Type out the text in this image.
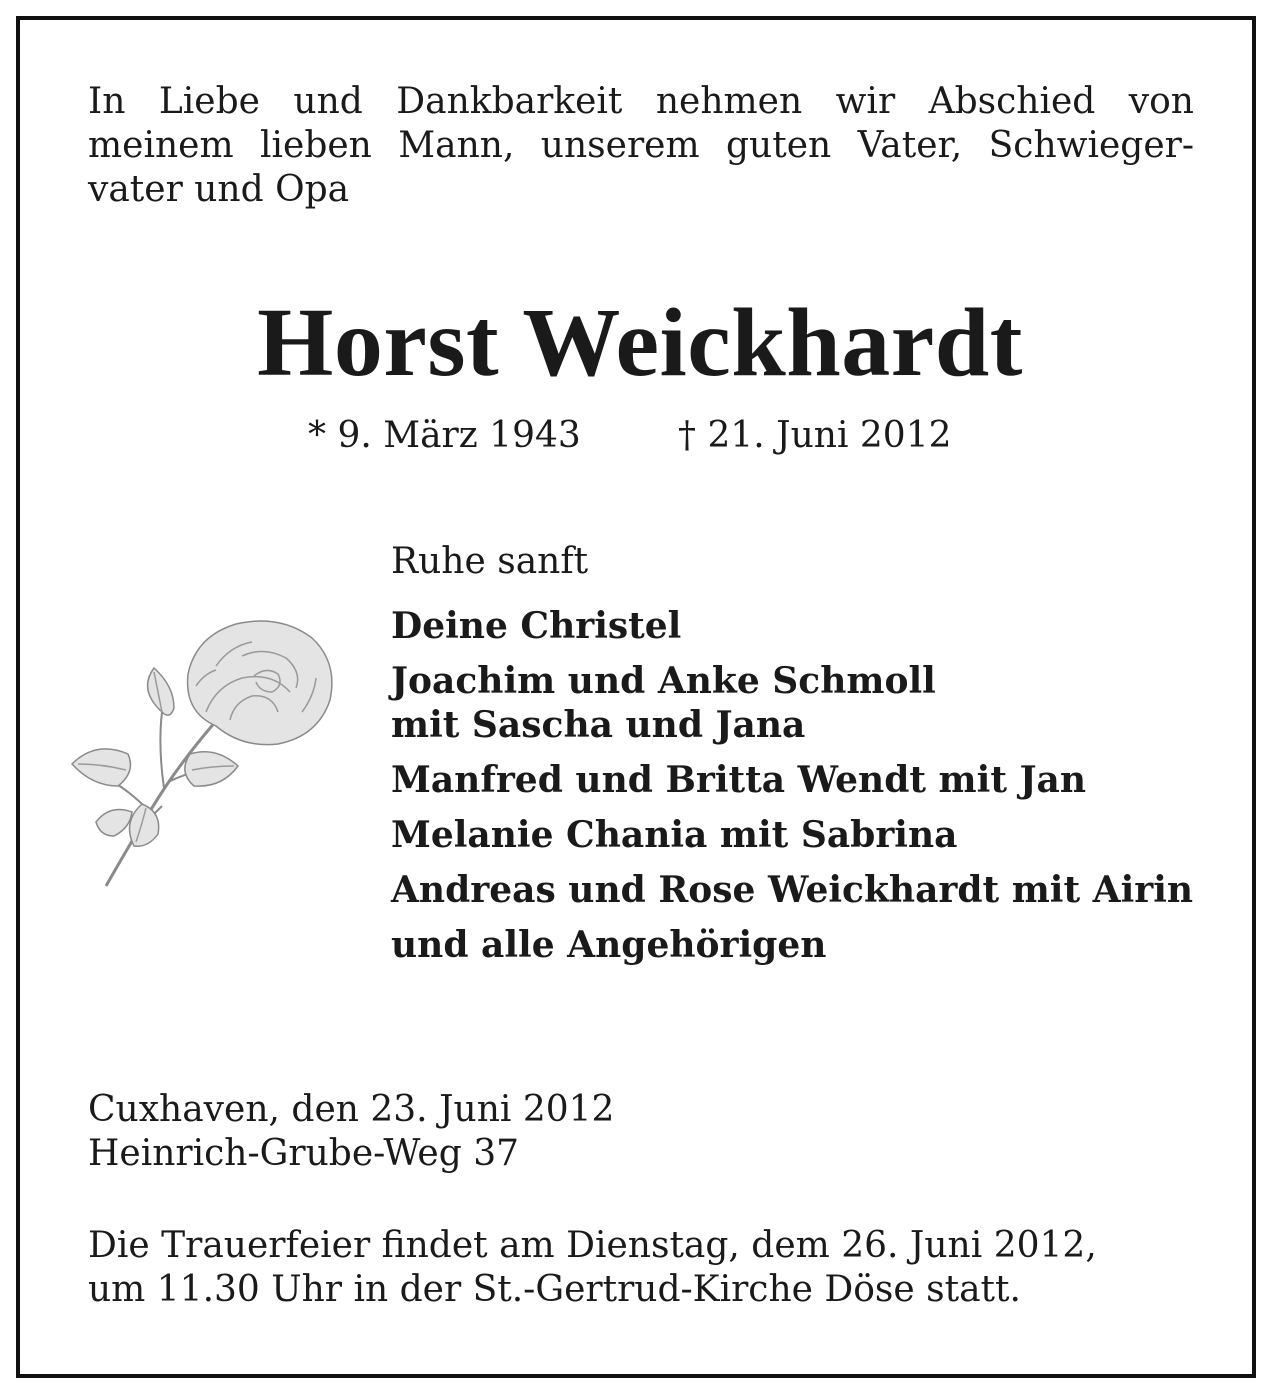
In Liebe und Dankbarkeit nehmen wir Abschied von
meinem lieben Mann, unserem guten Vater, Schwieger-
vater und Opa
Horst Weickhardt
* 9. März 1943	† 21. Juni 2012
Ruhe sanft
Deine Christel
Joachim und Anke Schmoll
mit Sascha und Jana
Manfred und Britta Wendt mit Jan
Melanie Chania mit Sabrina
Andreas und Rose Weickhardt mit Airin
und alle Angehörigen
Cuxhaven, den 23. Juni 2012
Heinrich-Grube-Weg 37
Die Trauerfeier findet am Dienstag, dem 26. Juni 2012,
um 11.30 Uhr in der St.-Gertrud-Kirche Döse statt.
